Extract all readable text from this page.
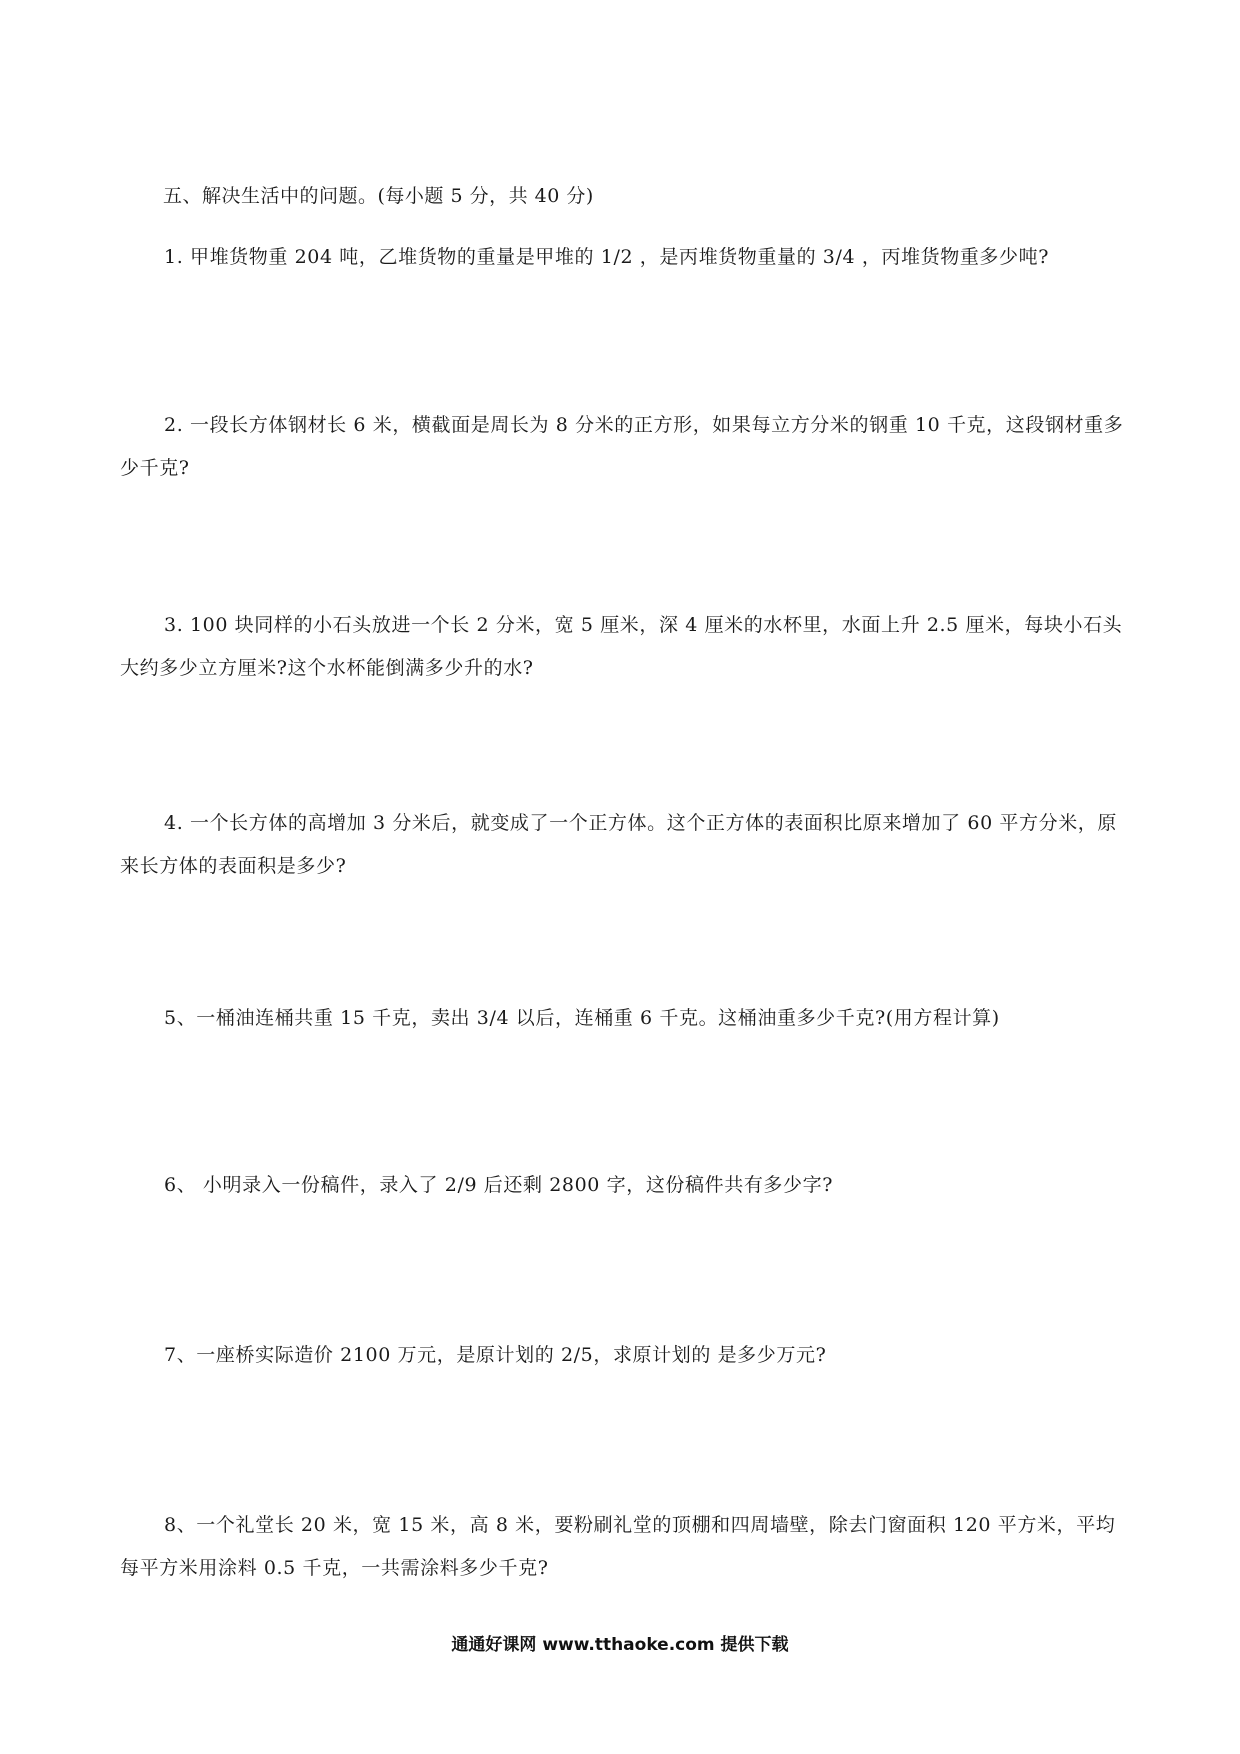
五、解决生活中的问题。(每小题 5 分，共 40 分)
1. 甲堆货物重 204 吨，乙堆货物的重量是甲堆的 1/2 ，是丙堆货物重量的 3/4 ，丙堆货物重多少吨?
2. 一段长方体钢材长 6 米，横截面是周长为 8 分米的正方形，如果每立方分米的钢重 10 千克，这段钢材重多少千克?
3. 100 块同样的小石头放进一个长 2 分米，宽 5 厘米，深 4 厘米的水杯里，水面上升 2.5 厘米，每块小石头大约多少立方厘米?这个水杯能倒满多少升的水?
4. 一个长方体的高增加 3 分米后，就变成了一个正方体。这个正方体的表面积比原来增加了 60 平方分米，原来长方体的表面积是多少?
5、一桶油连桶共重 15 千克，卖出 3/4 以后，连桶重 6 千克。这桶油重多少千克?(用方程计算)
6、 小明录入一份稿件，录入了 2/9 后还剩 2800 字，这份稿件共有多少字?
7、一座桥实际造价 2100 万元，是原计划的 2/5，求原计划的 是多少万元?
8、一个礼堂长 20 米，宽 15 米，高 8 米，要粉刷礼堂的顶棚和四周墙壁，除去门窗面积 120 平方米，平均每平方米用涂料 0.5 千克，一共需涂料多少千克?
通通好课网 www.tthaoke.com 提供下载
